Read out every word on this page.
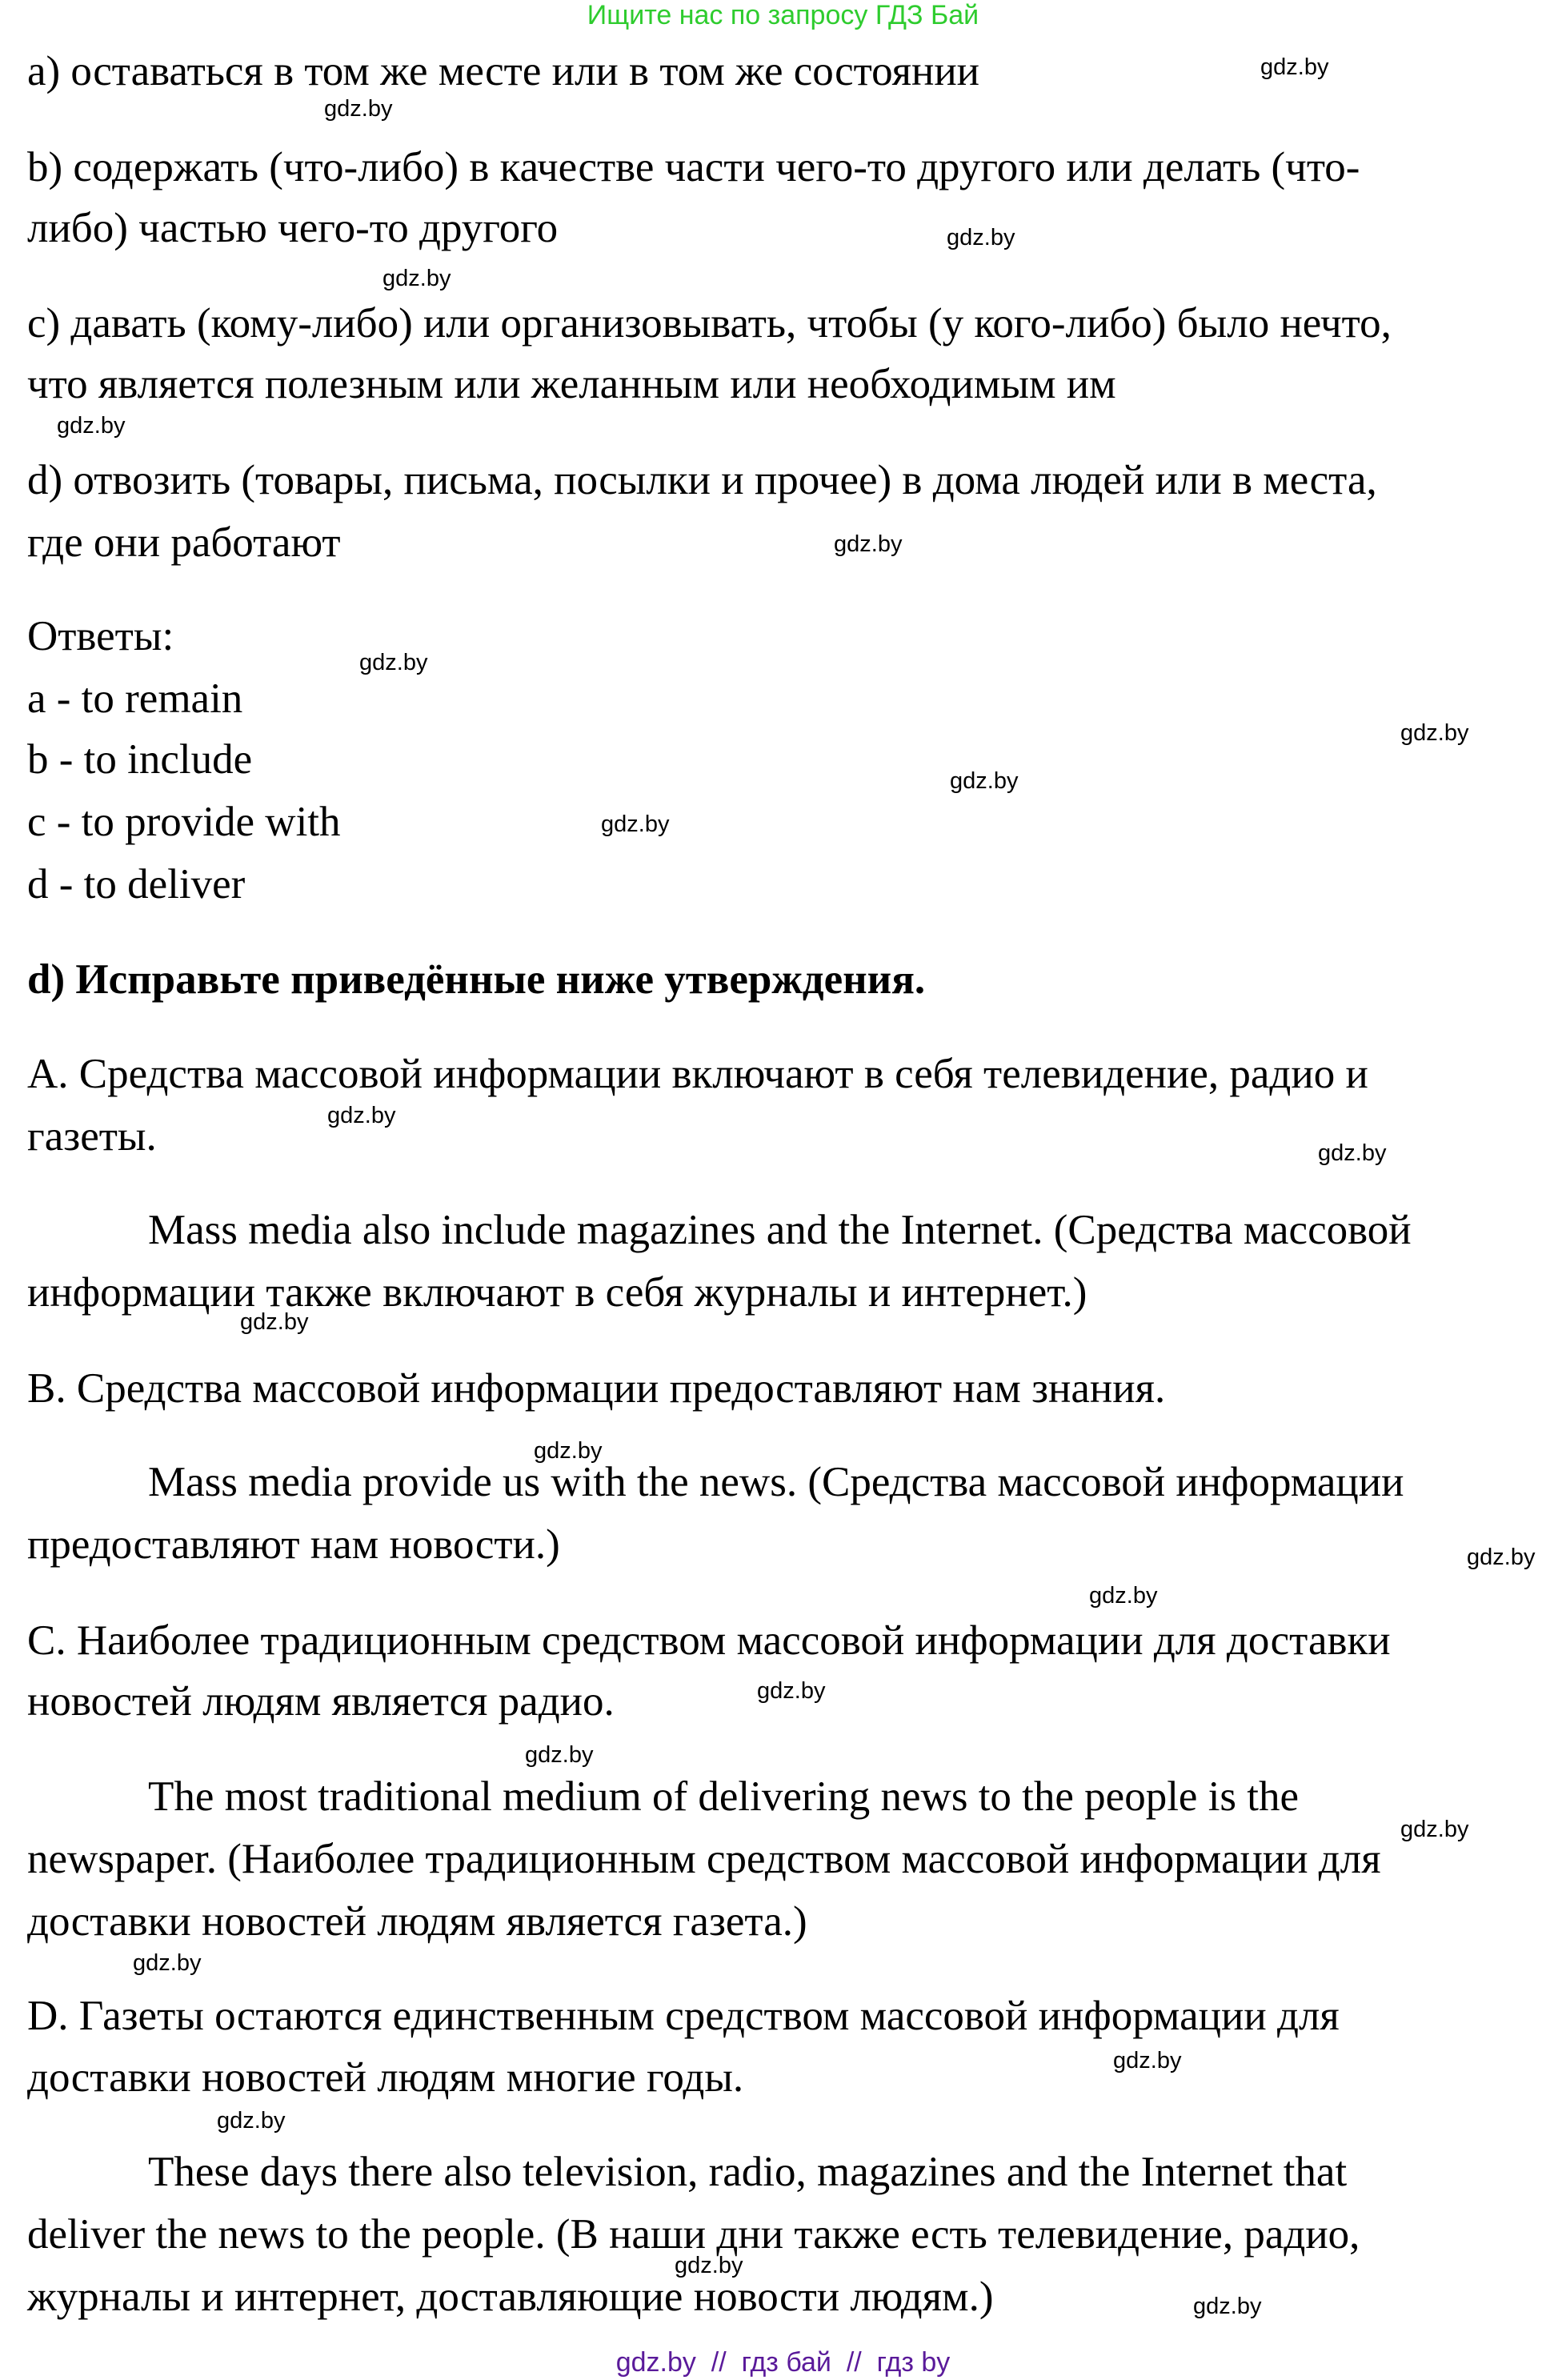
Ищите нас по запросу ГДЗ Бай
a) оставаться в том же месте или в том же состоянии
b) содержать (что-либо) в качестве части чего-то другого или делать (что-
либо) частью чего-то другого
c) давать (кому-либо) или организовывать, чтобы (у кого-либо) было нечто,
что является полезным или желанным или необходимым им
d) отвозить (товары, письма, посылки и прочее) в дома людей или в места,
где они работают
Ответы:
a - to remain
b - to include
c - to provide with
d - to deliver
d) Исправьте приведённые ниже утверждения.
A. Средства массовой информации включают в себя телевидение, радио и
газеты.
Mass media also include magazines and the Internet. (Средства массовой
информации также включают в себя журналы и интернет.)
B. Средства массовой информации предоставляют нам знания.
Mass media provide us with the news. (Средства массовой информации
предоставляют нам новости.)
C. Наиболее традиционным средством массовой информации для доставки
новостей людям является радио.
The most traditional medium of delivering news to the people is the
newspaper. (Наиболее традиционным средством массовой информации для
доставки новостей людям является газета.)
D. Газеты остаются единственным средством массовой информации для
доставки новостей людям многие годы.
These days there also television, radio, magazines and the Internet that
deliver the news to the people. (В наши дни также есть телевидение, радио,
журналы и интернет, доставляющие новости людям.)
gdz.by
gdz.by
gdz.by
gdz.by
gdz.by
gdz.by
gdz.by
gdz.by
gdz.by
gdz.by
gdz.by
gdz.by
gdz.by
gdz.by
gdz.by
gdz.by
gdz.by
gdz.by
gdz.by
gdz.by
gdz.by
gdz.by
gdz.by
gdz.by
gdz.by  //  гдз бай  //  гдз by
